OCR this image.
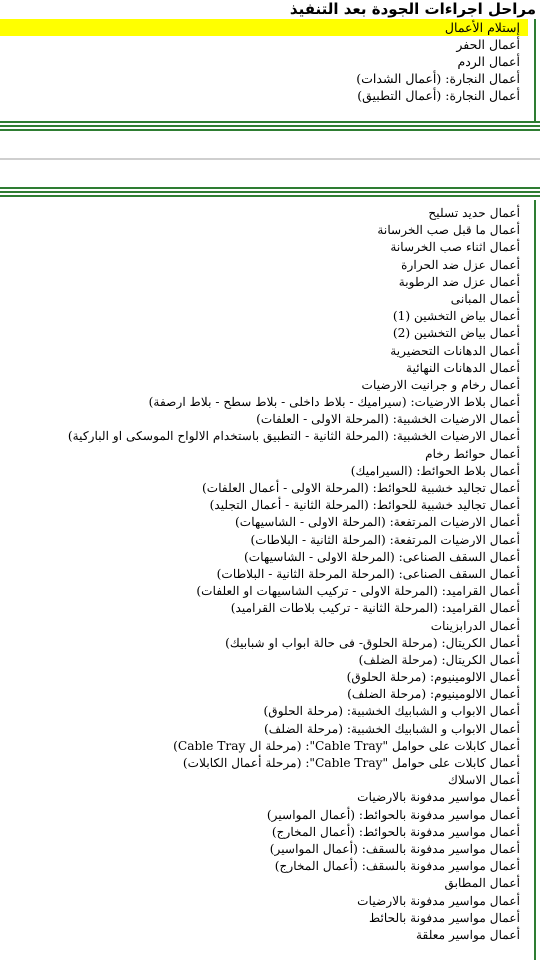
مراحل اجراءات الجودة بعد التنفيذ
إستلام الأعمال
أعمال الحفر
أعمال الردم
أعمال النجارة: (أعمال الشدات)
أعمال النجارة: (أعمال التطبيق)
أعمال حديد تسليح
أعمال ما قبل صب الخرسانة
أعمال اثناء صب الخرسانة
أعمال عزل ضد الحرارة
أعمال عزل ضد الرطوبة
أعمال المبانى
أعمال بياض التخشين (1)
أعمال بياض التخشين (2)
أعمال الدهانات التحضيرية
أعمال الدهانات النهائية
أعمال رخام و جرانيت الارضيات
أعمال بلاط الارضيات: (سيراميك - بلاط داخلى - بلاط سطح - بلاط ارصفة)
أعمال الارضيات الخشبية: (المرحلة الاولى - العلفات)
أعمال الارضيات الخشبية: (المرحلة الثانية - التطبيق باستخدام الالواح الموسكى او الباركية)
أعمال حوائط رخام
أعمال بلاط الحوائط: (السيراميك)
أعمال تجاليد خشبية للحوائط: (المرحلة الاولى - أعمال العلفات)
أعمال تجاليد خشبية للحوائط: (المرحلة الثانية - أعمال التجليد)
أعمال الارضيات المرتفعة: (المرحلة الاولى - الشاسيهات)
أعمال الارضيات المرتفعة: (المرحلة الثانية - البلاطات)
أعمال السقف الصناعى: (المرحلة الاولى - الشاسيهات)
أعمال السقف الصناعى: (المرحلة المرحلة الثانية - البلاطات)
أعمال القراميد: (المرحلة الاولى - تركيب الشاسيهات او العلفات)
أعمال القراميد: (المرحلة الثانية - تركيب بلاطات القراميد)
أعمال الدرابزينات
أعمال الكريتال: (مرحلة الحلوق- فى حالة ابواب او شبابيك)
أعمال الكريتال: (مرحلة الضلف)
أعمال الالومينيوم: (مرحلة الحلوق)
أعمال الالومينيوم: (مرحلة الضلف)
أعمال الابواب و الشبابيك الخشبية: (مرحلة الحلوق)
أعمال الابواب و الشبابيك الخشبية: (مرحلة الضلف)
أعمال كابلات على حوامل "Cable Tray": (مرحلة ال Cable Tray)
أعمال كابلات على حوامل "Cable Tray": (مرحلة أعمال الكابلات)
أعمال الاسلاك
أعمال مواسير مدفونة بالارضيات
أعمال مواسير مدفونة بالحوائط: (أعمال المواسير)
أعمال مواسير مدفونة بالحوائط: (أعمال المخارج)
أعمال مواسير مدفونة بالسقف: (أعمال المواسير)
أعمال مواسير مدفونة بالسقف: (أعمال المخارج)
أعمال المطابق
أعمال مواسير مدفونة بالارضيات
أعمال مواسير مدفونة بالحائط
أعمال مواسير معلقة
